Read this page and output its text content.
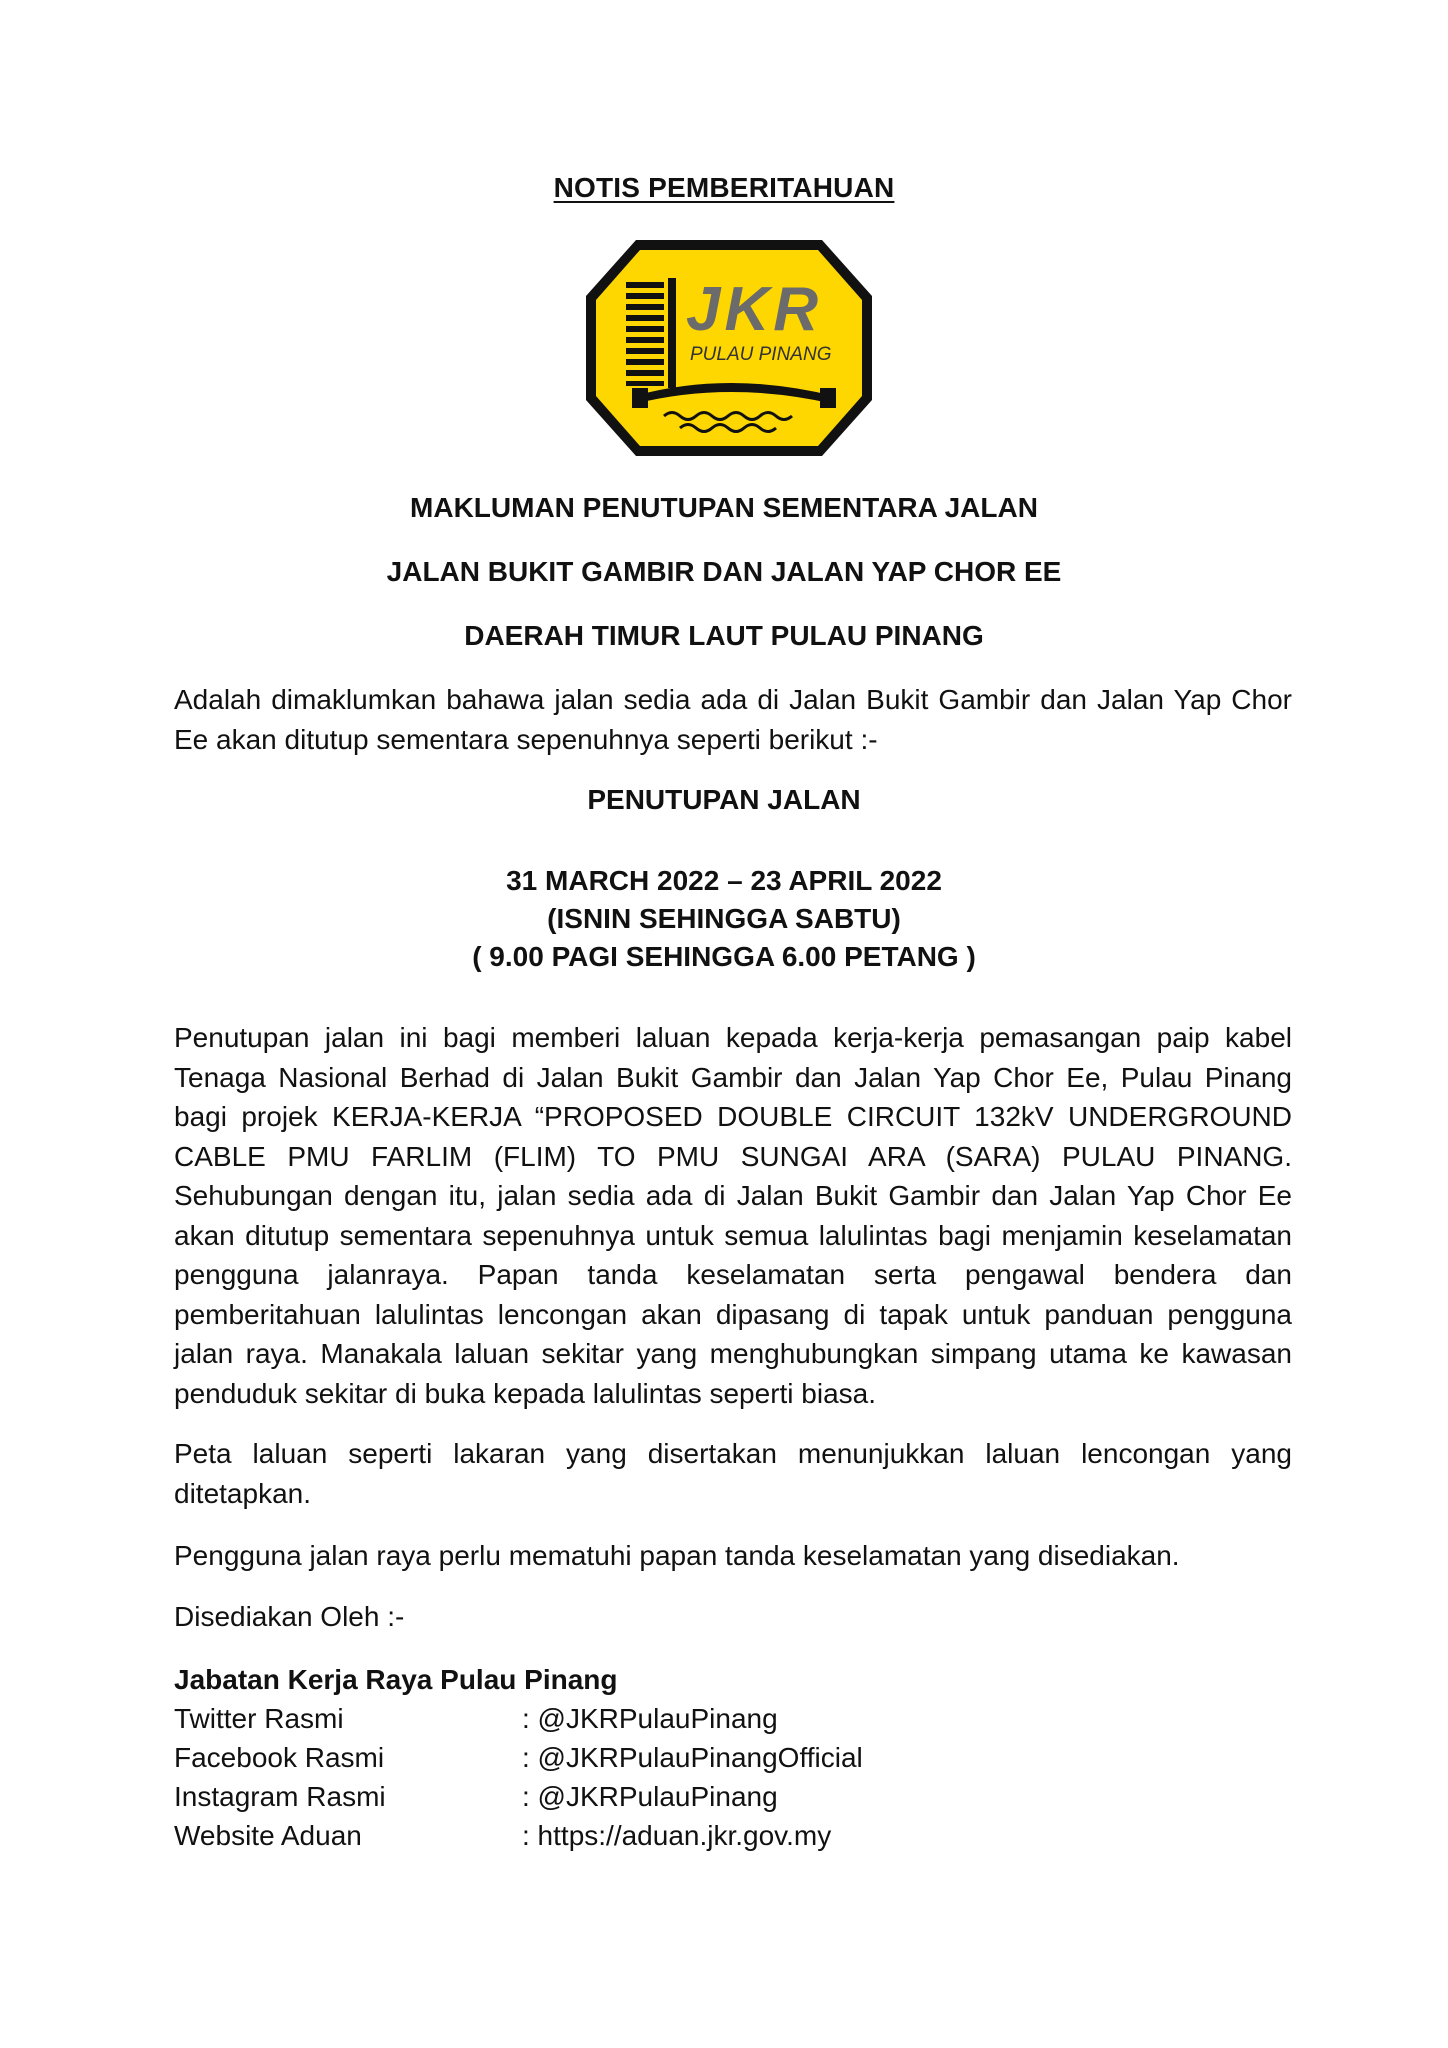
NOTIS PEMBERITAHUAN
JKR
PULAU PINANG
MAKLUMAN PENUTUPAN SEMENTARA JALAN
JALAN BUKIT GAMBIR DAN JALAN YAP CHOR EE
DAERAH TIMUR LAUT PULAU PINANG

Adalah dimaklumkan bahawa jalan sedia ada di Jalan Bukit Gambir dan Jalan Yap Chor Ee akan ditutup sementara sepenuhnya seperti berikut :-

PENUTUPAN JALAN
31 MARCH 2022 – 23 APRIL 2022
(ISNIN SEHINGGA SABTU)
( 9.00 PAGI SEHINGGA 6.00 PETANG )

Penutupan jalan ini bagi memberi laluan kepada kerja-kerja pemasangan paip kabel Tenaga Nasional Berhad di Jalan Bukit Gambir dan Jalan Yap Chor Ee, Pulau Pinang bagi projek KERJA-KERJA “PROPOSED DOUBLE CIRCUIT 132kV UNDERGROUND CABLE PMU FARLIM (FLIM) TO PMU SUNGAI ARA (SARA) PULAU PINANG. Sehubungan dengan itu, jalan sedia ada di Jalan Bukit Gambir dan Jalan Yap Chor Ee akan ditutup sementara sepenuhnya untuk semua lalulintas bagi menjamin keselamatan pengguna jalanraya. Papan tanda keselamatan serta pengawal bendera dan pemberitahuan lalulintas lencongan akan dipasang di tapak untuk panduan pengguna jalan raya. Manakala laluan sekitar yang menghubungkan simpang utama ke kawasan penduduk sekitar di buka kepada lalulintas seperti biasa.

Peta laluan seperti lakaran yang disertakan menunjukkan laluan lencongan yang ditetapkan.

Pengguna jalan raya perlu mematuhi papan tanda keselamatan yang disediakan.

Disediakan Oleh :-

Jabatan Kerja Raya Pulau Pinang
Twitter Rasmi	: @JKRPulauPinang
Facebook Rasmi	: @JKRPulauPinangOfficial
Instagram Rasmi	: @JKRPulauPinang
Website Aduan	: https://aduan.jkr.gov.my
